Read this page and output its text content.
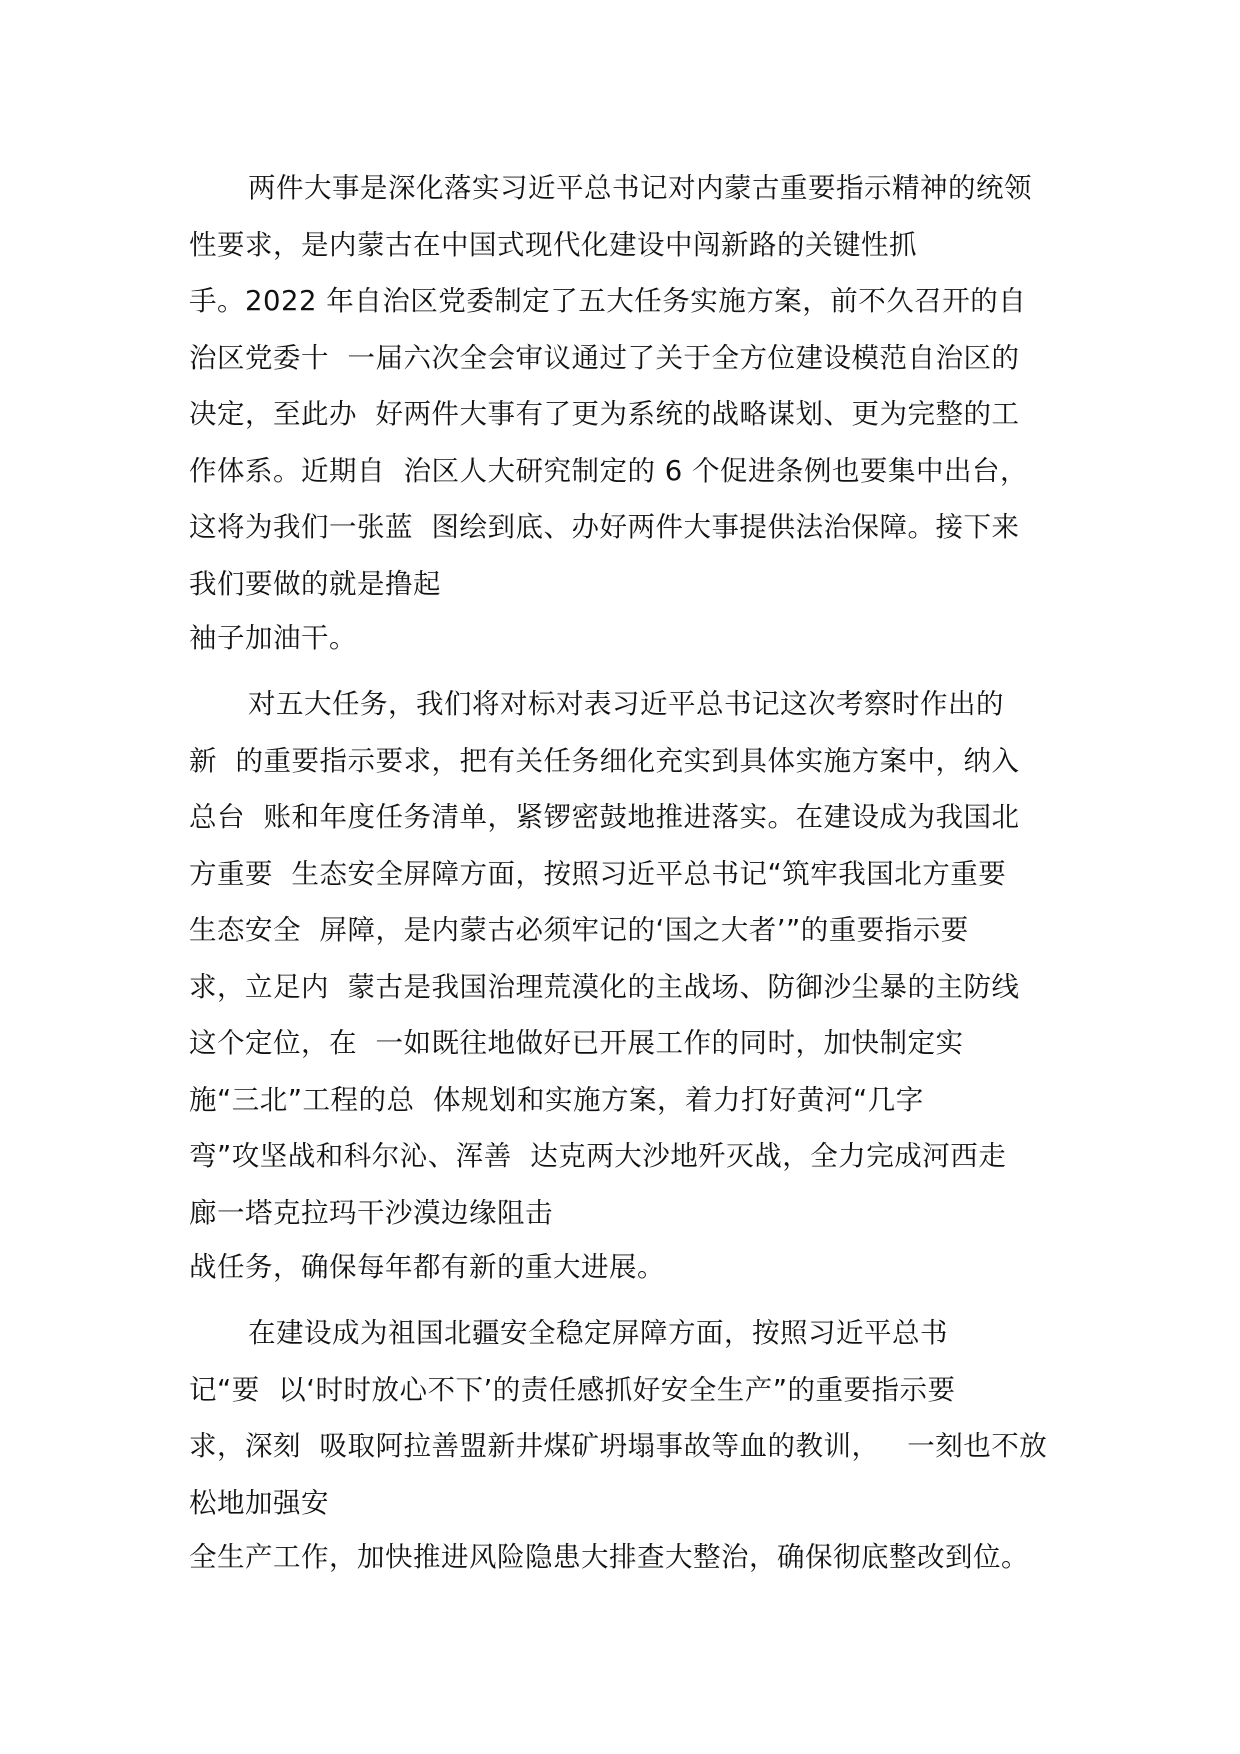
两件大事是深化落实习近平总书记对内蒙古重要指示精神的统领

性要求，是内蒙古在中国式现代化建设中闯新路的关键性抓

手。2022 年自治区党委制定了五大任务实施方案，前不久召开的自

治区党委十  一届六次全会审议通过了关于全方位建设模范自治区的

决定，至此办  好两件大事有了更为系统的战略谋划、更为完整的工

作体系。近期自  治区人大研究制定的 6 个促进条例也要集中出台，

这将为我们一张蓝  图绘到底、办好两件大事提供法治保障。接下来

我们要做的就是撸起

袖子加油干。

对五大任务，我们将对标对表习近平总书记这次考察时作出的

新  的重要指示要求，把有关任务细化充实到具体实施方案中，纳入

总台  账和年度任务清单，紧锣密鼓地推进落实。在建设成为我国北

方重要  生态安全屏障方面，按照习近平总书记“筑牢我国北方重要

生态安全  屏障，是内蒙古必须牢记的‘国之大者’”的重要指示要

求，立足内  蒙古是我国治理荒漠化的主战场、防御沙尘暴的主防线

这个定位，在  一如既往地做好已开展工作的同时，加快制定实

施“三北”工程的总  体规划和实施方案，着力打好黄河“几字

弯”攻坚战和科尔沁、浑善  达克两大沙地歼灭战，全力完成河西走

廊一塔克拉玛干沙漠边缘阻击

战任务，确保每年都有新的重大进展。

在建设成为祖国北疆安全稳定屏障方面，按照习近平总书

记“要  以‘时时放心不下’的责任感抓好安全生产”的重要指示要

求，深刻  吸取阿拉善盟新井煤矿坍塌事故等血的教训，   一刻也不放

松地加强安

全生产工作，加快推进风险隐患大排查大整治，确保彻底整改到位。
